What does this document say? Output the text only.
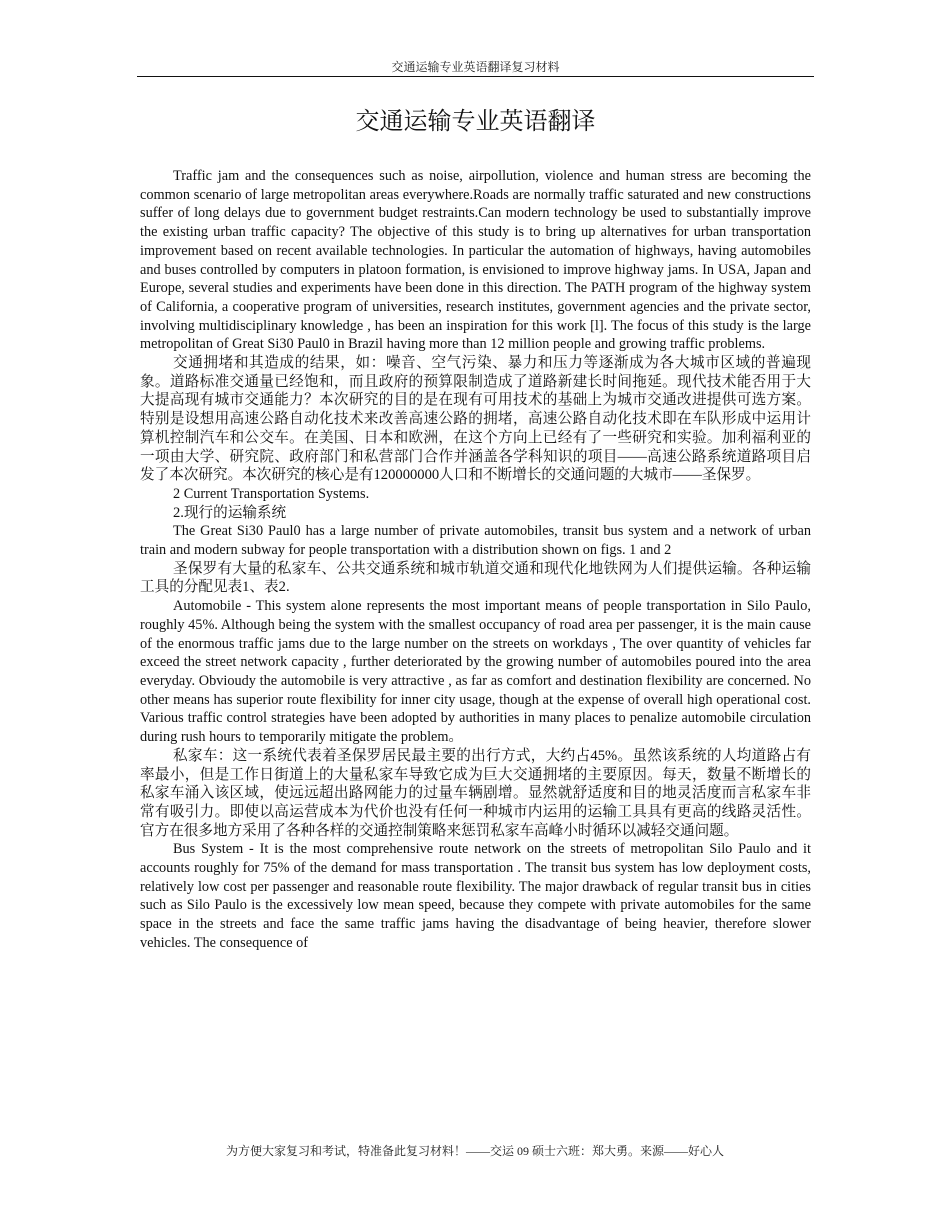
交通运输专业英语翻译复习材料
交通运输专业英语翻译

Traffic jam and the consequences such as noise, airpollution, violence and human stress are becoming the common scenario of large metropolitan areas everywhere.Roads are normally traffic saturated and new constructions suffer of long delays due to government budget restraints.Can modern technology be used to substantially improve the existing urban traffic capacity? The objective of this study is to bring up alternatives for urban transportation improvement based on recent available technologies. In particular the automation of highways, having automobiles and buses controlled by computers in platoon formation, is envisioned to improve highway jams. In USA, Japan and Europe, several studies and experiments have been done in this direction. The PATH program of the highway system of California, a cooperative program of universities, research institutes, government agencies and the private sector, involving multidisciplinary knowledge , has been an inspiration for this work [l]. The focus of this study is the large metropolitan of Great Si30 Paul0 in Brazil having more than 12 million people and growing traffic problems.

交通拥堵和其造成的结果，如：噪音、空气污染、暴力和压力等逐渐成为各大城市区域的普遍现象。道路标准交通量已经饱和，而且政府的预算限制造成了道路新建长时间拖延。现代技术能否用于大大提高现有城市交通能力？本次研究的目的是在现有可用技术的基础上为城市交通改进提供可选方案。特别是设想用高速公路自动化技术来改善高速公路的拥堵，高速公路自动化技术即在车队形成中运用计算机控制汽车和公交车。在美国、日本和欧洲，在这个方向上已经有了一些研究和实验。加利福利亚的一项由大学、研究院、政府部门和私营部门合作并涵盖各学科知识的项目——高速公路系统道路项目启发了本次研究。本次研究的核心是有120000000人口和不断增长的交通问题的大城市——圣保罗。

2 Current Transportation Systems.

2.现行的运输系统

The Great Si30 Paul0 has a large number of private automobiles, transit bus system and a network of urban train and modern subway for people transportation with a distribution shown on figs. 1 and 2

圣保罗有大量的私家车、公共交通系统和城市轨道交通和现代化地铁网为人们提供运输。各种运输工具的分配见表1、表2.

Automobile - This system alone represents the most important means of people transportation in Silo Paulo, roughly 45%. Although being the system with the smallest occupancy of road area per passenger, it is the main cause of the enormous traffic jams due to the large number on the streets on workdays , The over quantity of vehicles far exceed the street network capacity , further deteriorated by the growing number of automobiles poured into the area everyday. Obvioudy the automobile is very attractive , as far as comfort and destination flexibility are concerned. No other means has superior route flexibility for inner city usage, though at the expense of overall high operational cost. Various traffic control strategies have been adopted by authorities in many places to penalize automobile circulation during rush hours to temporarily mitigate the problem。

私家车：这一系统代表着圣保罗居民最主要的出行方式，大约占45%。虽然该系统的人均道路占有率最小，但是工作日街道上的大量私家车导致它成为巨大交通拥堵的主要原因。每天，数量不断增长的私家车涌入该区域，使远远超出路网能力的过量车辆剧增。显然就舒适度和目的地灵活度而言私家车非常有吸引力。即使以高运营成本为代价也没有任何一种城市内运用的运输工具具有更高的线路灵活性。官方在很多地方采用了各种各样的交通控制策略来惩罚私家车高峰小时循环以减轻交通问题。

Bus System - It is the most comprehensive route network on the streets of metropolitan Silo Paulo and it accounts roughly for 75% of the demand for mass transportation . The transit bus system has low deployment costs, relatively low cost per passenger and reasonable route flexibility. The major drawback of regular transit bus in cities such as Silo Paulo is the excessively low mean speed, because they compete with private automobiles for the same space in the streets and face the same traffic jams having the disadvantage of being heavier, therefore slower vehicles. The consequence of

为方便大家复习和考试，特准备此复习材料！——交运 09 硕士六班：郑大勇。来源——好心人
